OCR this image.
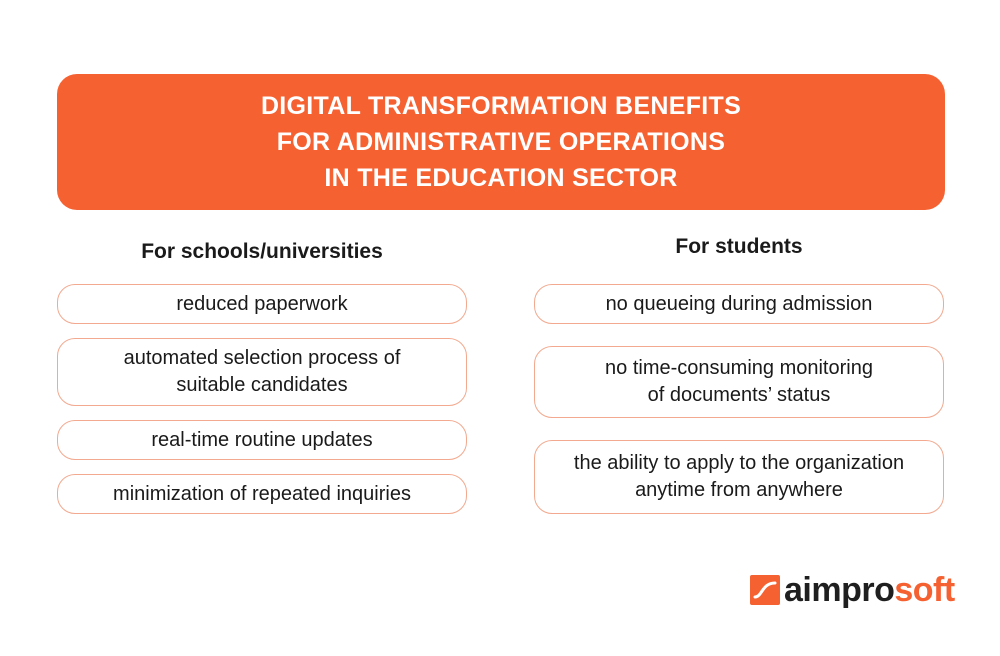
DIGITAL TRANSFORMATION BENEFITS
FOR ADMINISTRATIVE OPERATIONS
IN THE EDUCATION SECTOR
For schools/universities
reduced paperwork
automated selection process of
suitable candidates
real-time routine updates
minimization of repeated inquiries
For students
no queueing during admission
no time-consuming monitoring
of documents’ status
the ability to apply to the organization
anytime from anywhere
aimprosoft
